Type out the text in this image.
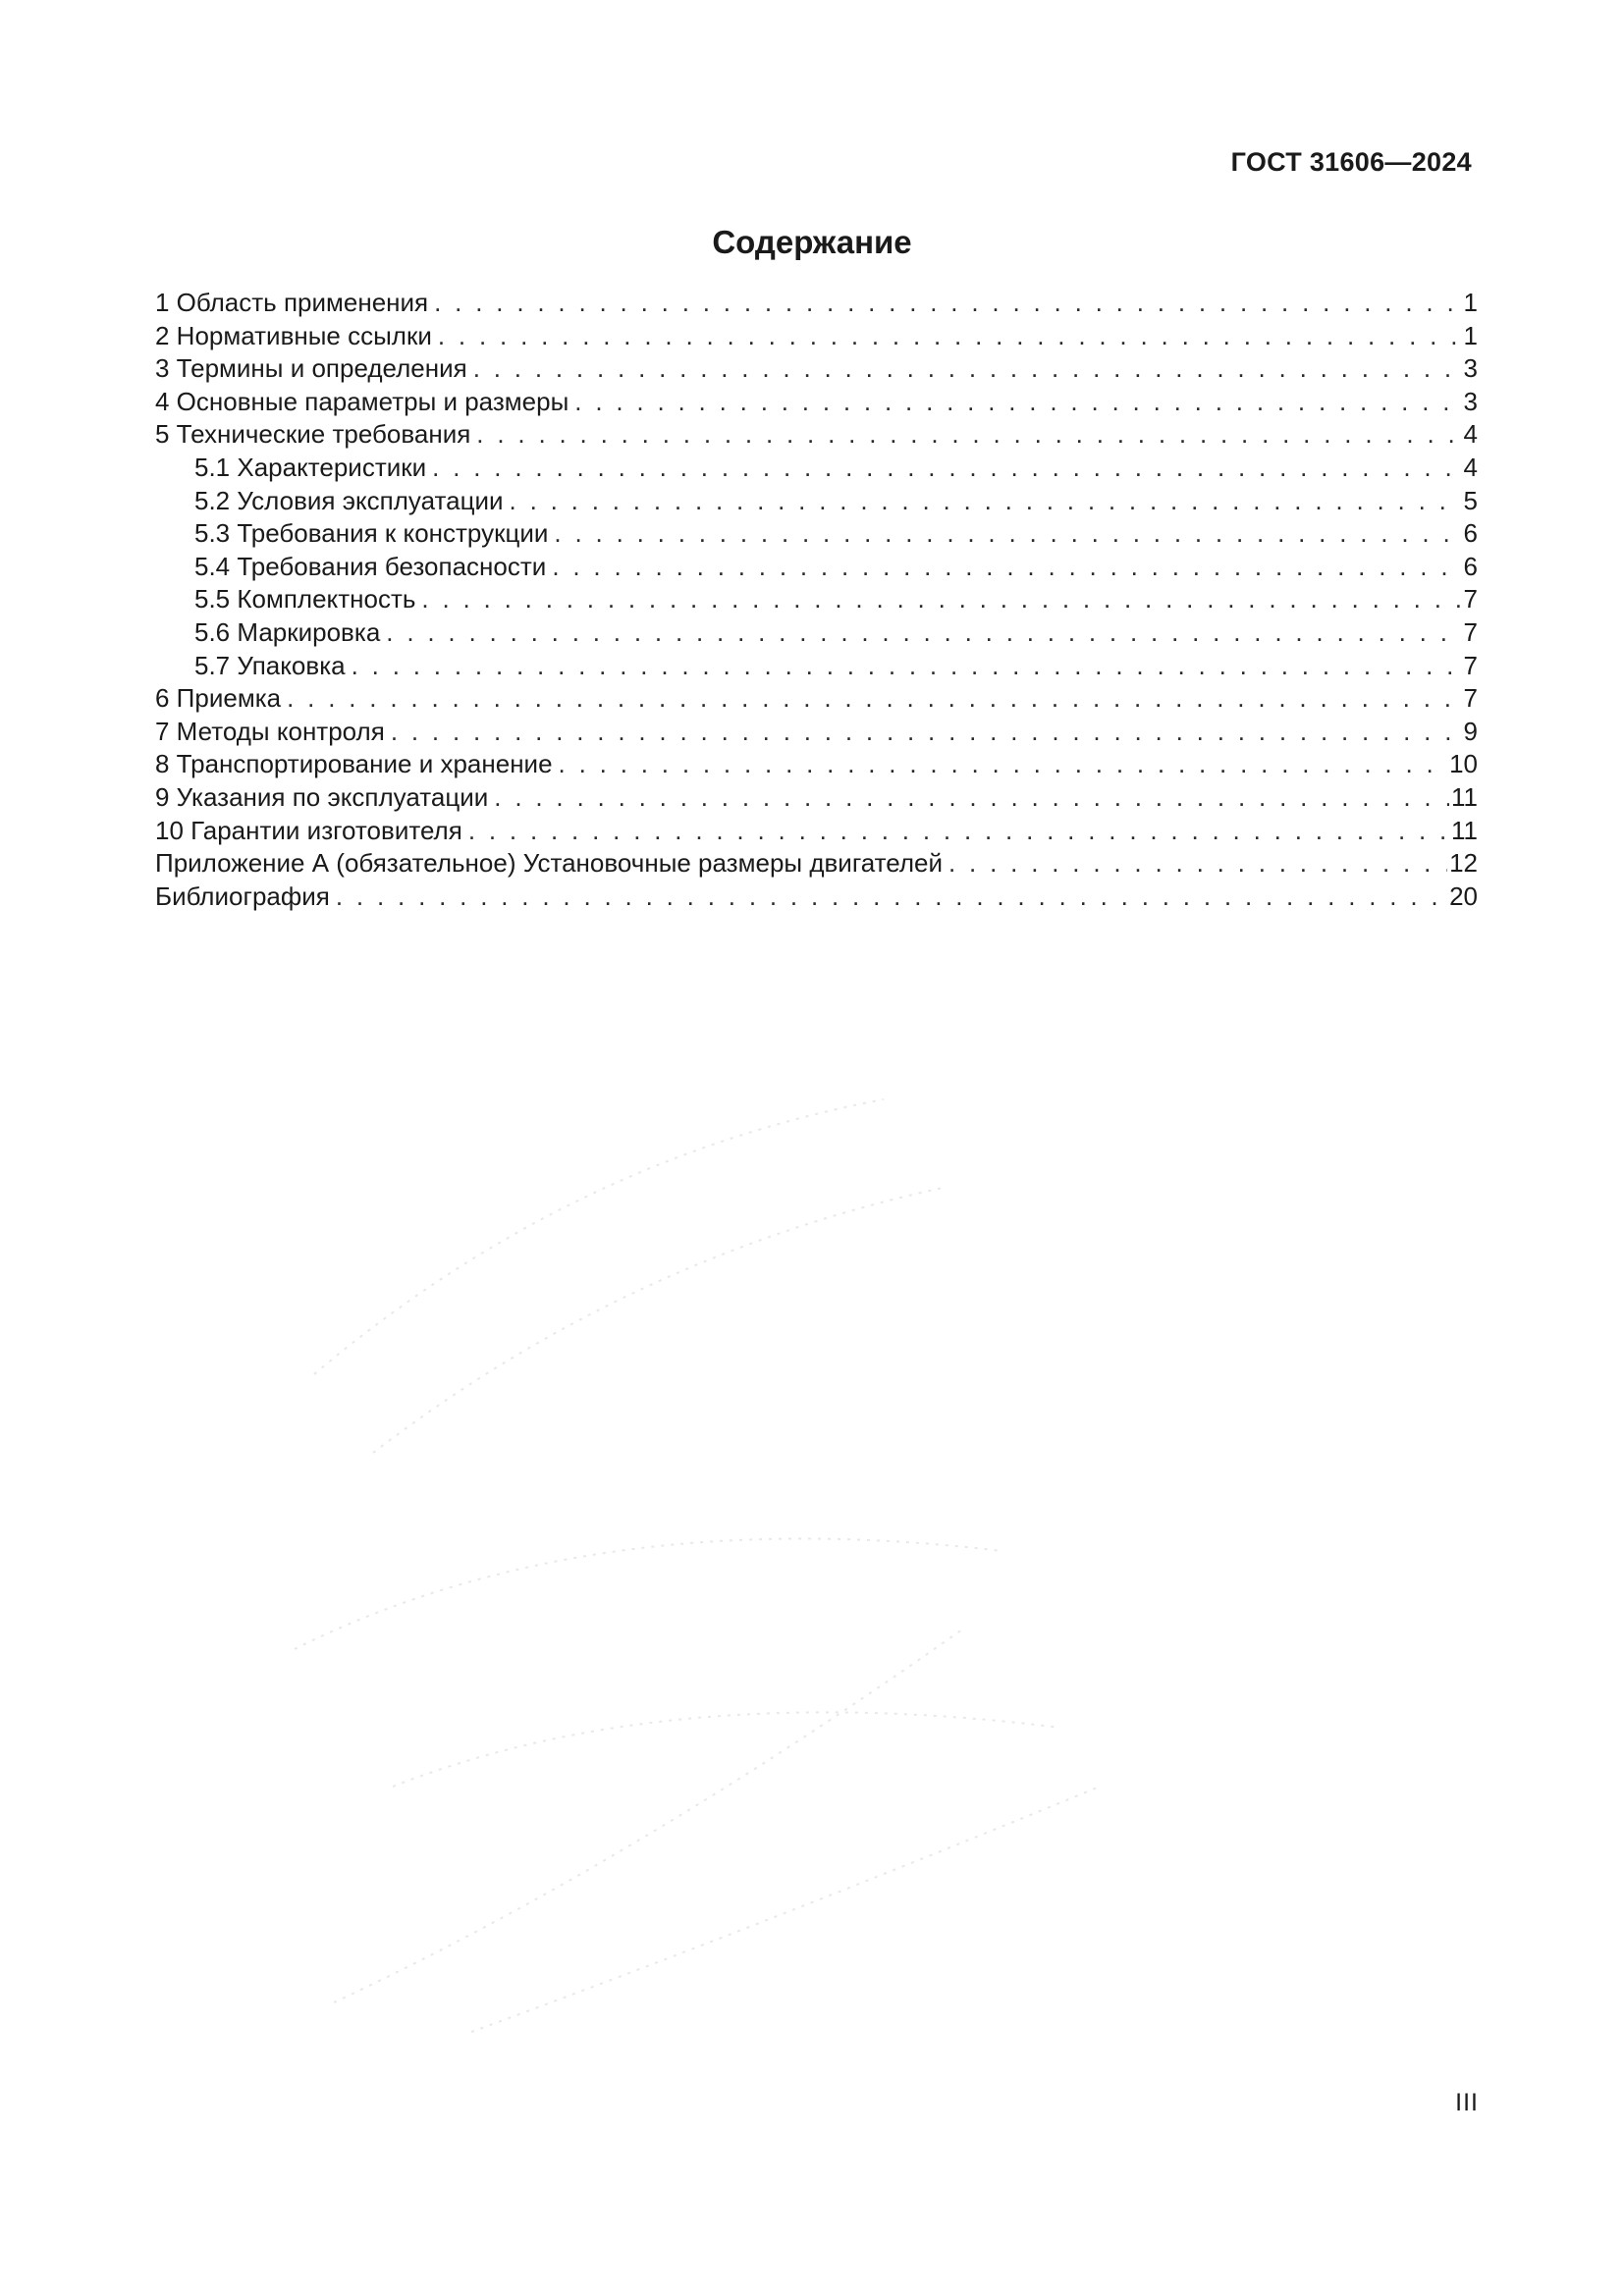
ГОСТ 31606—2024
Содержание
1 Область применения . . .	1
2 Нормативные ссылки . . .	1
3 Термины и определения . . .	3
4 Основные параметры и размеры . . .	3
5 Технические требования . . .	4
5.1 Характеристики . . .	4
5.2 Условия эксплуатации . . .	5
5.3 Требования к конструкции . . .	6
5.4 Требования безопасности . . .	6
5.5 Комплектность . . .	7
5.6 Маркировка . . .	7
5.7 Упаковка . . .	7
6 Приемка . . .	7
7 Методы контроля . . .	9
8 Транспортирование и хранение . . .	10
9 Указания по эксплуатации . . .	11
10 Гарантии изготовителя . . .	11
Приложение А (обязательное) Установочные размеры двигателей . . .	12
Библиография . . .	20
III
